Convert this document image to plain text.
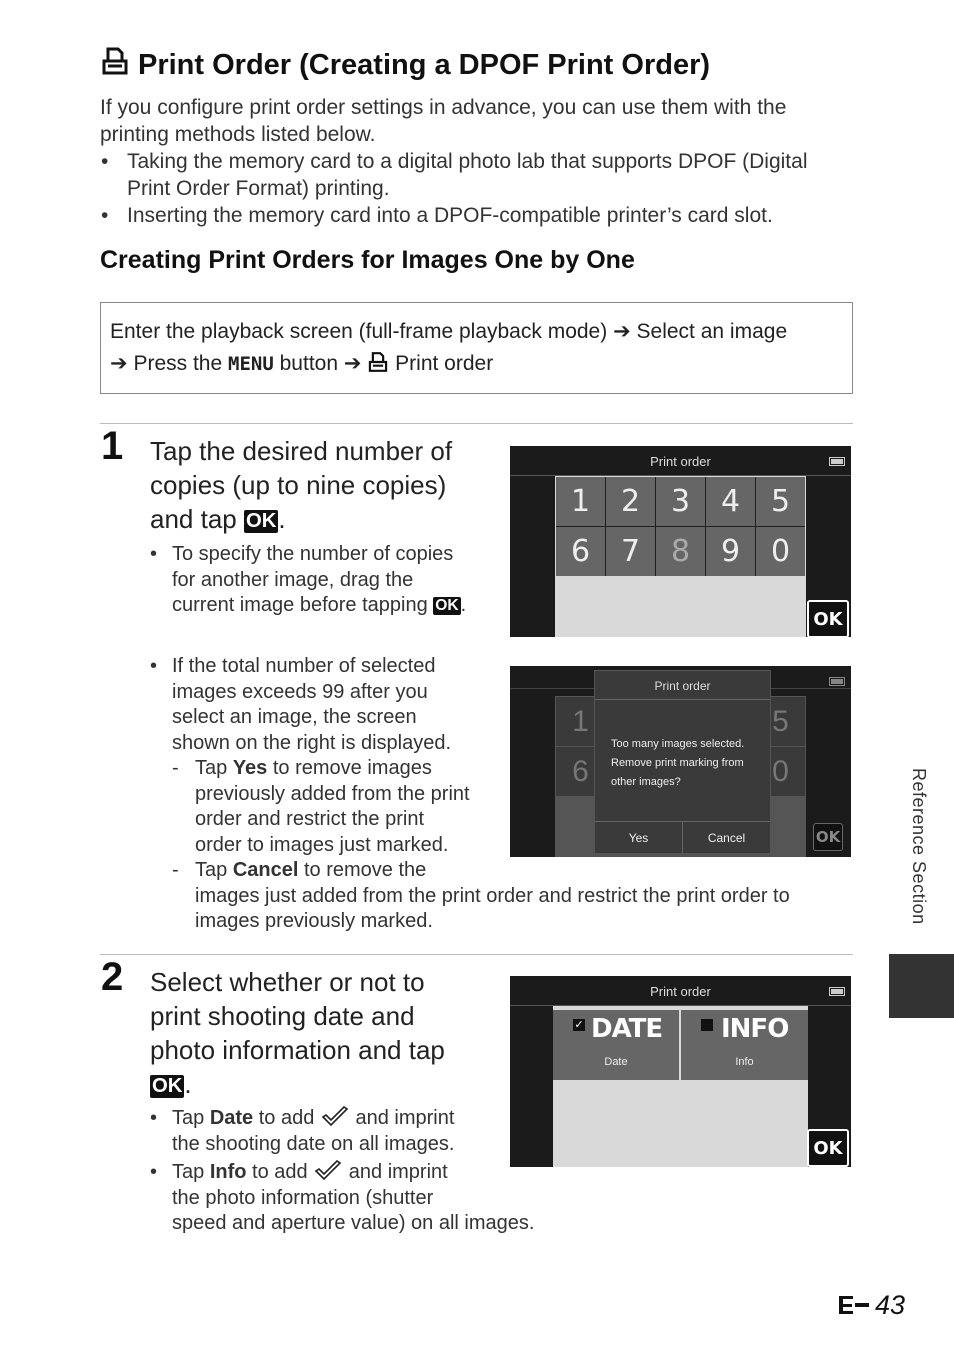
Print Order (Creating a DPOF Print Order)
If you configure print order settings in advance, you can use them with the printing methods listed below.
• Taking the memory card to a digital photo lab that supports DPOF (Digital Print Order Format) printing.
• Inserting the memory card into a DPOF-compatible printer’s card slot.
Creating Print Orders for Images One by One
Enter the playback screen (full-frame playback mode) ➔ Select an image
➔ Press the MENU button ➔ Print order
1 Tap the desired number of
copies (up to nine copies)
and tap OK.
• To specify the number of copies for another image, drag the current image before tapping OK .
• If the total number of selected images exceeds 99 after you select an image, the screen shown on the right is displayed.
- Tap Yes to remove images previously added from the print order and restrict the print order to images just marked.
- Tap Cancel to remove the
images just added from the print order and restrict the print order to images previously marked.
Print order
1	2	3	4	5
6	7	8	9	0
OK
1	5
6	0
OK
Print order
Too many images selected.
Remove print marking from
other images?
Yes	Cancel
2 Select whether or not to
print shooting date and
photo information and tap
OK.
• Tap Date to add and imprint
the shooting date on all images.
• Tap Info to add and imprint
the photo information (shutter
speed and aperture value) on all images.
Print order
✓ DATE
Date
INFO
Info
OK
Reference Section
43
